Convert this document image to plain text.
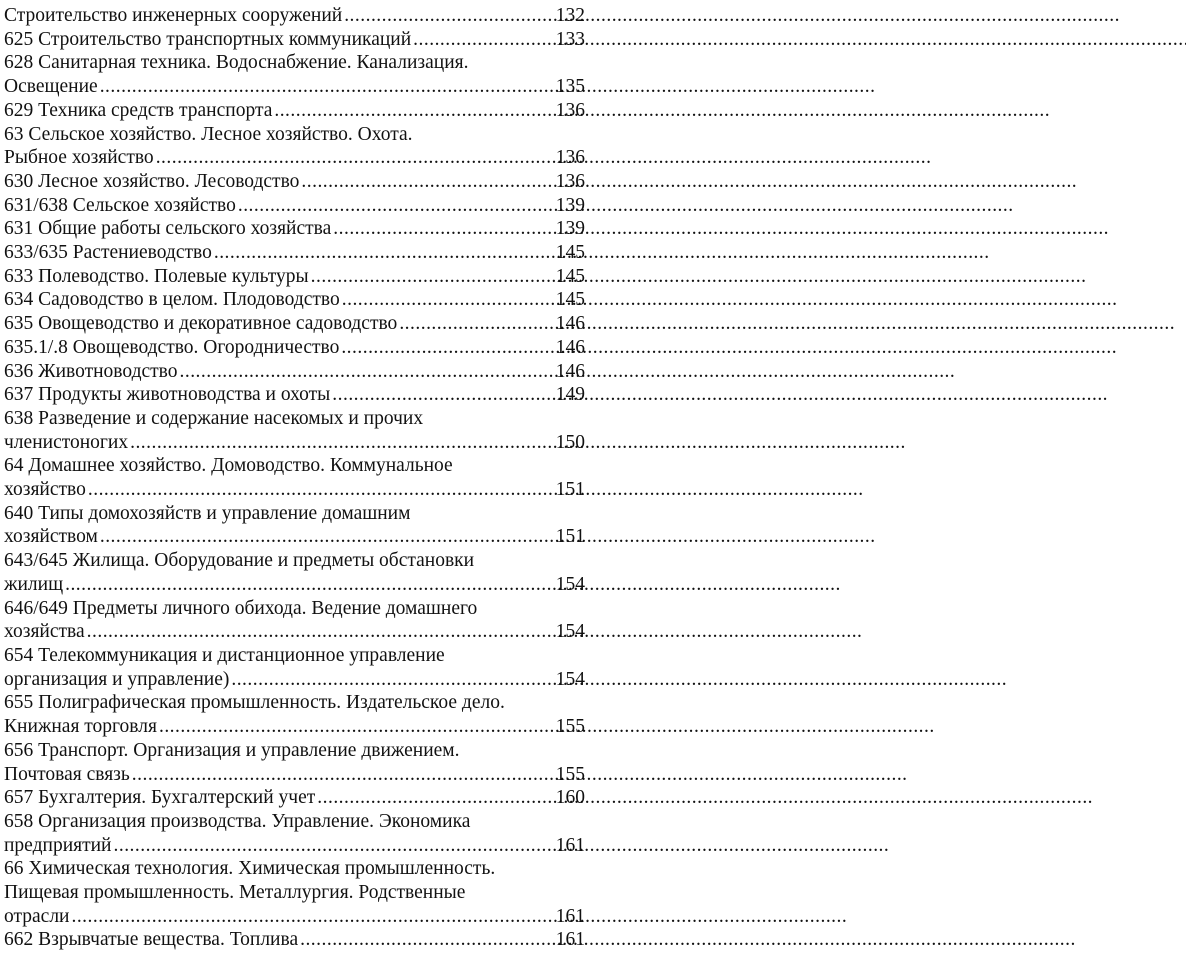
Строительство инженерных сооружений . . .	132
625 Строительство транспортных коммуникаций . . .	133
628 Санитарная техника. Водоснабжение. Канализация.
Освещение . . .	135
629 Техника средств транспорта . . .	136
63 Сельское хозяйство. Лесное хозяйство. Охота.
Рыбное хозяйство . . .	136
630 Лесное хозяйство. Лесоводство . . .	136
631/638 Сельское хозяйство . . .	139
631 Общие работы сельского хозяйства . . .	139
633/635 Растениеводство . . .	145
633 Полеводство. Полевые культуры . . .	145
634 Садоводство в целом. Плодоводство . . .	145
635 Овощеводство и декоративное садоводство . . .	146
635.1/.8 Овощеводство. Огородничество . . .	146
636 Животноводство . . .	146
637 Продукты животноводства и охоты . . .	149
638 Разведение и содержание насекомых и прочих
членистоногих . . .	150
64 Домашнее хозяйство. Домоводство. Коммунальное
хозяйство . . .	151
640 Типы домохозяйств и управление домашним
хозяйством . . .	151
643/645 Жилища. Оборудование и предметы обстановки
жилищ . . .	154
646/649 Предметы личного обихода. Ведение домашнего
хозяйства . . .	154
654 Телекоммуникация и дистанционное управление
организация и управление) . . .	154
655 Полиграфическая промышленность. Издательское дело.
Книжная торговля . . .	155
656 Транспорт. Организация и управление движением.
Почтовая связь . . .	155
657 Бухгалтерия. Бухгалтерский учет . . .	160
658 Организация производства. Управление. Экономика
предприятий . . .	161
66 Химическая технология. Химическая промышленность.
Пищевая промышленность. Металлургия. Родственные
отрасли . . .	161
662 Взрывчатые вещества. Топлива . . .	161
